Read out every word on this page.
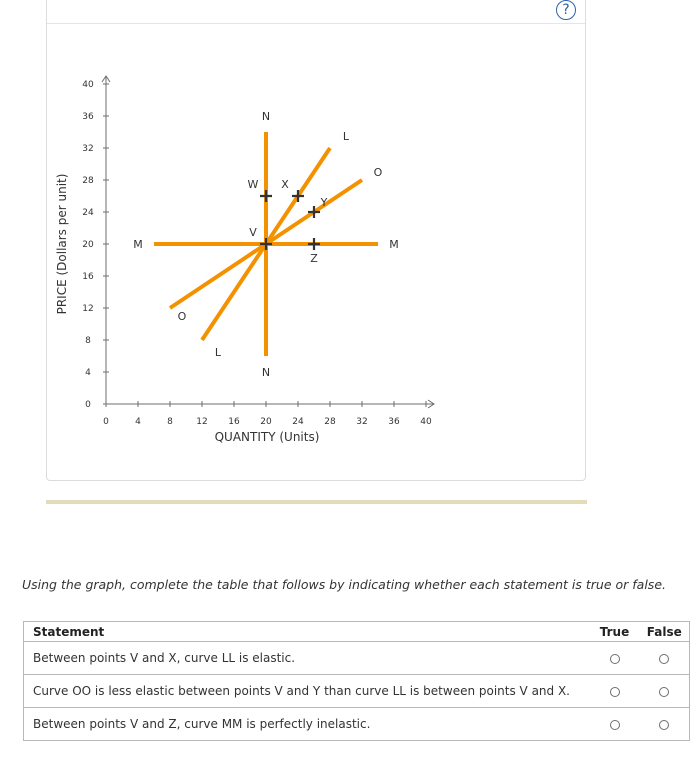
?
0	4	8	12 16 20 24 28 32 36 40
0
4
8
12
16
20
24
28
32
36
40
QUANTITY (Units)
PRICE (Dollars per unit)	M	M
N
N
L
L
O
O
V
W X
Y
Z
Using the graph, complete the table that follows by indicating whether each statement is true or false.
Statement	True	False
Between points V and X, curve LL is elastic.		
Curve OO is less elastic between points V and Y than curve LL is between points V and X.		
Between points V and Z, curve MM is perfectly inelastic.		
